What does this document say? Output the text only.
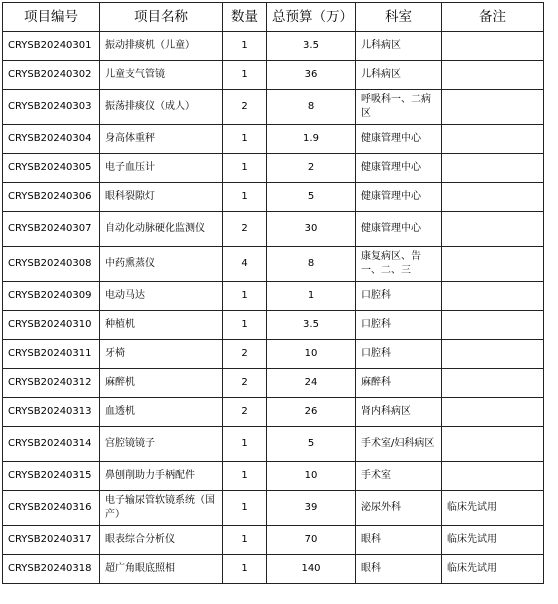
项目编号	项目名称	数量	总预算（万）	科室	备注
CRYSB20240301	振动排痰机（儿童）	1	3.5	儿科病区	
CRYSB20240302	儿童支气管镜	1	36	儿科病区	
CRYSB20240303	振荡排痰仪（成人）	2	8	呼吸科一、二病区	
CRYSB20240304	身高体重秤	1	1.9	健康管理中心	
CRYSB20240305	电子血压计	1	2	健康管理中心	
CRYSB20240306	眼科裂隙灯	1	5	健康管理中心	
CRYSB20240307	自动化动脉硬化监测仪	2	30	健康管理中心	
CRYSB20240308	中药熏蒸仪	4	8	康复病区、告一、二、三	
CRYSB20240309	电动马达	1	1	口腔科	
CRYSB20240310	种植机	1	3.5	口腔科	
CRYSB20240311	牙椅	2	10	口腔科	
CRYSB20240312	麻醉机	2	24	麻醉科	
CRYSB20240313	血透机	2	26	肾内科病区	
CRYSB20240314	宫腔镜镜子	1	5	手术室/妇科病区	
CRYSB20240315	鼻刨削助力手柄配件	1	10	手术室	
CRYSB20240316	电子输尿管软镜系统（国产）	1	39	泌尿外科	临床先试用
CRYSB20240317	眼表综合分析仪	1	70	眼科	临床先试用
CRYSB20240318	超广角眼底照相	1	140	眼科	临床先试用
